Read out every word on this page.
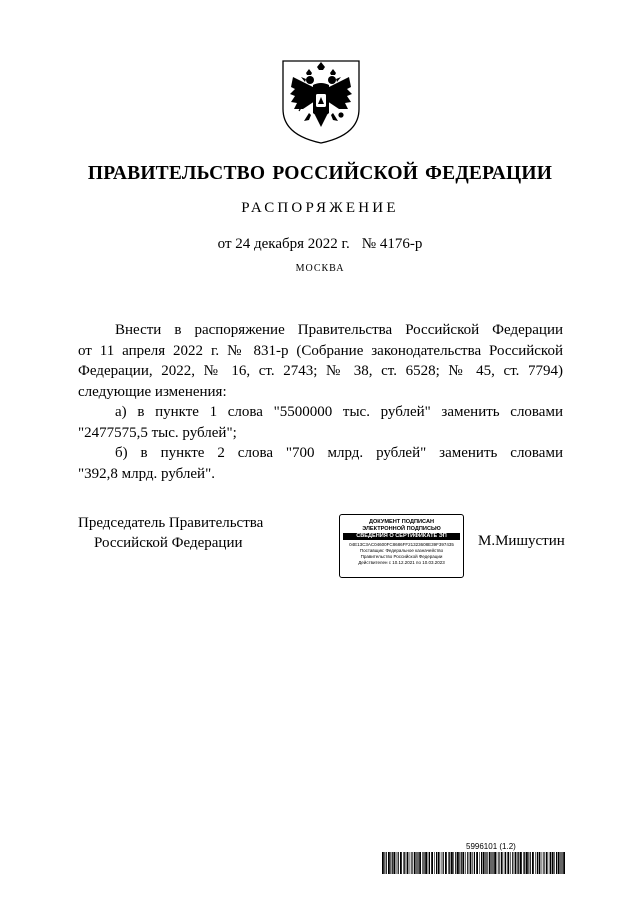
ПРАВИТЕЛЬСТВО РОССИЙСКОЙ ФЕДЕРАЦИИ
РАСПОРЯЖЕНИЕ
от 24 декабря 2022 г. № 4176-р
МОСКВА

Внести в распоряжение Правительства Российской Федерации
от 11 апреля 2022 г. № 831-р (Собрание законодательства Российской
Федерации, 2022, № 16, ст. 2743; № 38, ст. 6528; № 45, ст. 7794)
следующие изменения:

а) в пункте 1 слова "5500000 тыс. рублей" заменить словами
"2477575,5 тыс. рублей";

б) в пункте 2 слова "700 млрд. рублей" заменить словами
"392,8 млрд. рублей".

Председатель Правительства
Российской Федерации
ДОКУМЕНТ ПОДПИСАН
ЭЛЕКТРОННОЙ ПОДПИСЬЮ
СВЕДЕНИЯ О СЕРТИФИКАТЕ ЭП
04E13C3AC04600FC8686FF21323608E39F397435
Поставщик: Федеральное казначейство
Правительство Российской Федерации
Действителен с 10.12.2021 по 10.03.2023
М.Мишустин
5996101 (1.2)
